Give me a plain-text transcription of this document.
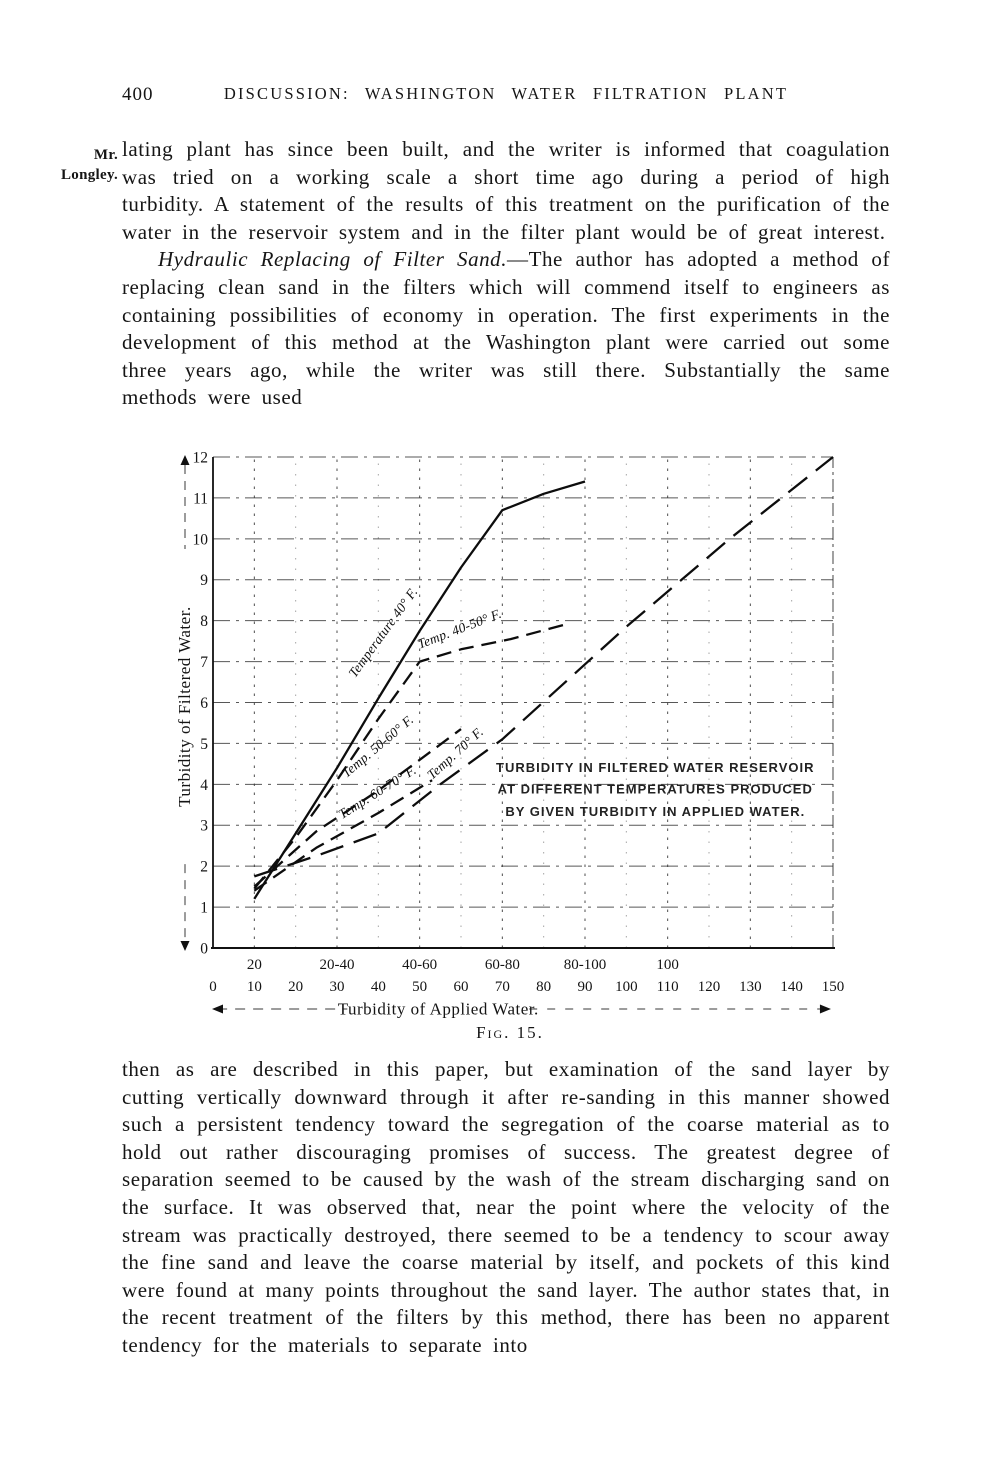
400	DISCUSSION: WASHINGTON WATER FILTRATION PLANT
Mr.
Longley.

lating plant has since been built, and the writer is informed that coagulation was tried on a working scale a short time ago during a period of high turbidity. A statement of the results of this treatment on the purification of the water in the reservoir system and in the filter plant would be of great interest.

Hydraulic Replacing of Filter Sand.—The author has adopted a method of replacing clean sand in the filters which will commend itself to engineers as containing possibilities of economy in operation. The first experiments in the development of this method at the Washington plant were carried out some three years ago, while the writer was still there. Substantially the same methods were used

0
1
2
3
4
5
6
7
8
9
10
11
12
Turbidity of Filtered Water.
20	20-40	40-60	60-80	80-100	100
0 10 20 30 40 50 60 70 80 90 100 110 120 130 140 150
Turbidity of Applied Water.
TURBIDITY IN FILTERED WATER RESERVOIR
AT DIFFERENT TEMPERATURES PRODUCED
BY GIVEN TURBIDITY IN APPLIED WATER.
Temperature 40° F.
Temp. 40-50° F.
Temp. 50-60° F.
Temp. 60-70° F.
Temp. 70° F.
Fig. 15.

then as are described in this paper, but examination of the sand layer by cutting vertically downward through it after re-sanding in this manner showed such a persistent tendency toward the segregation of the coarse material as to hold out rather discouraging promises of success. The greatest degree of separation seemed to be caused by the wash of the stream discharging sand on the surface. It was observed that, near the point where the velocity of the stream was practically destroyed, there seemed to be a tendency to scour away the fine sand and leave the coarse material by itself, and pockets of this kind were found at many points throughout the sand layer. The author states that, in the recent treatment of the filters by this method, there has been no apparent tendency for the materials to separate into
